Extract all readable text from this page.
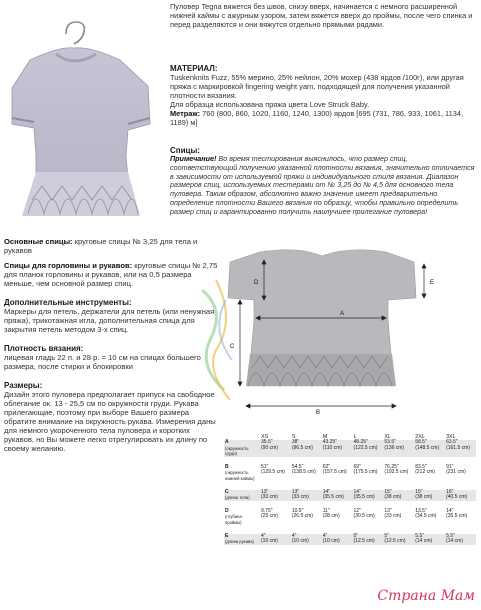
Пуловер Tegna вяжется без швов, снизу вверх, начинается с немного расширенной нижней каймы с ажурным узором, затем вяжется вверх до проймы, после чего спинка и перед разделяются и они вяжутся отдельно прямыми рядами.

МАТЕРИАЛ:

Tuskenknits Fuzz, 55% мерино, 25% нейлон, 20% мохер (438 ярдов /100г), или другая пряжа с маркировкой fingering weight yarn, подходящей для получения указанной плотности вязания.

Для образца использована пряжа цвета Love Struck Baby.

Метраж: 760 (800, 860, 1020, 1160, 1240, 1300) ярдов [695 (731, 786, 933, 1061, 1134, 1189) м]

Спицы:

Примечание! Во время тестирования выяснилось, что размер спиц, соответствующий получению указанной плотности вязания, значительно отличается в зависимости от используемой пряжи и индивидуального стиля вязания. Диапазон размеров спиц, используемых тестерами от № 3,25 до № 4,5 для основного тела пуловера. Таким образом, абсолютно важно значение имеет предварительно определение плотности Вашего вязания по образцу, чтобы правильно определить размер спиц и гарантированно получить наилучшее прилегание пуловера!

Основные спицы: круговые спицы № 3,25 для тела и рукавов

Спицы для горловины и рукавов: круговые спицы № 2,75 для планок горловины и рукавов, или на 0,5 размера меньше, чем основной размер спиц.

Дополнительные инструменты:

Маркеры для петель, держатели для петель (или ненужная пряжа), трикотажная игла, дополнительная спица для закрытия петель методом 3-х спиц.

Плотность вязания:

лицевая гладь 22 п. и 28 р. = 10 см на спицах большего размера, после стирки и блокировки

Размеры:

Дизайн этого пуловера предполагает припуск на свободное облегание ок. 13 - 25,5 см по окружности груди. Рукава прилегающие, поэтому при выборе Вашего размера обратите внимание на окружность рукава. Измерения даны для немного укороченного тела пуловера и коротких рукавов, но Вы можете легко отрегулировать их длину по своему желанию.

A
B
C
D	E
	XS	S	M	L	XL	2XL	3XL
A	35.5"	38"	43.25"	48.25"	53.5"	58.5"	63.5"
(окружность груди)	(90 cm)	(96.5 cm)	(110 cm)	(122.5 cm)	(136 cm)	(148.5 cm)	(161.5 cm)

B	51"	54.5"	62"	69"	76.25"	83.5"	91"
(окружность нижней каймы)	(129.5 cm)	(138.5 cm)	(157.5 cm)	(175.5 cm)	(193.5 cm)	(212 cm)	(231 cm)

C	13"	13"	14"	14"	15"	15"	16"
(длина тела)	(33 cm)	(33 cm)	(35.5 cm)	(35.5 cm)	(38 cm)	(38 cm)	(40.5 cm)

D	9.75"	10.5"	11"	12"	13"	13.5"	14"
(глубина проймы)	(25 cm)	(26.5 cm)	(28 cm)	(30.5 cm)	(33 cm)	(34.5 cm)	(35.5 cm)

E	4"	4"	4"	5"	5"	5.5"	5.5"
(длина рукава)	(10 cm)	(10 cm)	(10 cm)	(12.5 cm)	(12.5 cm)	(14 cm)	(14 cm)
Страна Мам
